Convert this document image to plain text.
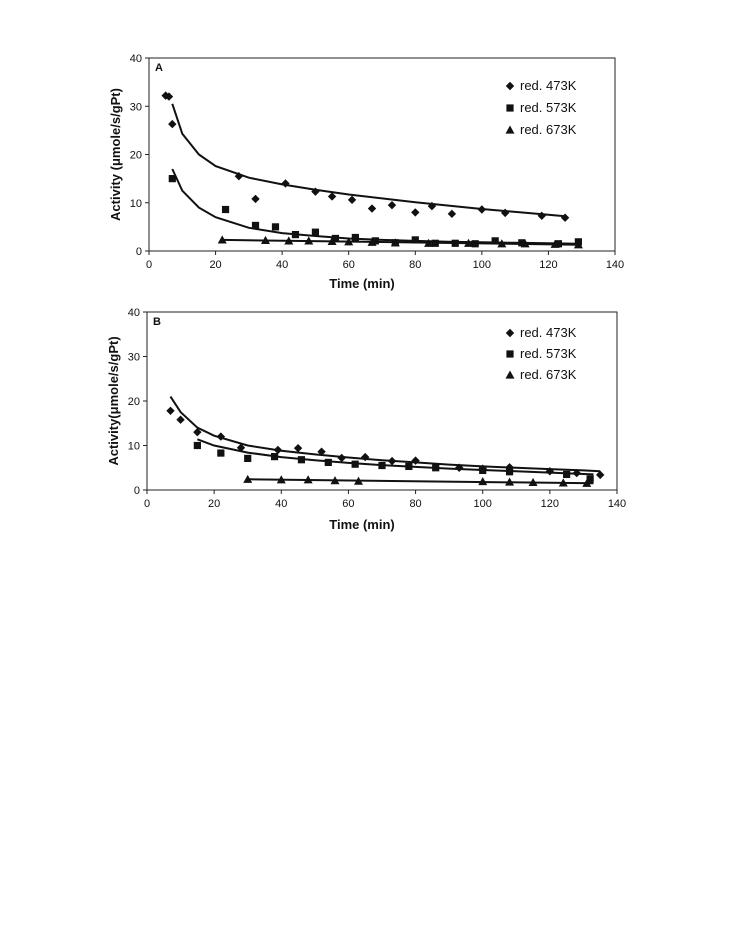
0	20	40	60	80	100	120	140
0
10
20
30
40
Time (min)
Activity (μmole/s/gPt)
A
red. 473K
red. 573K
red. 673K
0	20	40	60	80	100	120	140
0
10
20
30
40
Time (min)
Activity(μmole/s/gPt)
B
red. 473K
red. 573K
red. 673K
